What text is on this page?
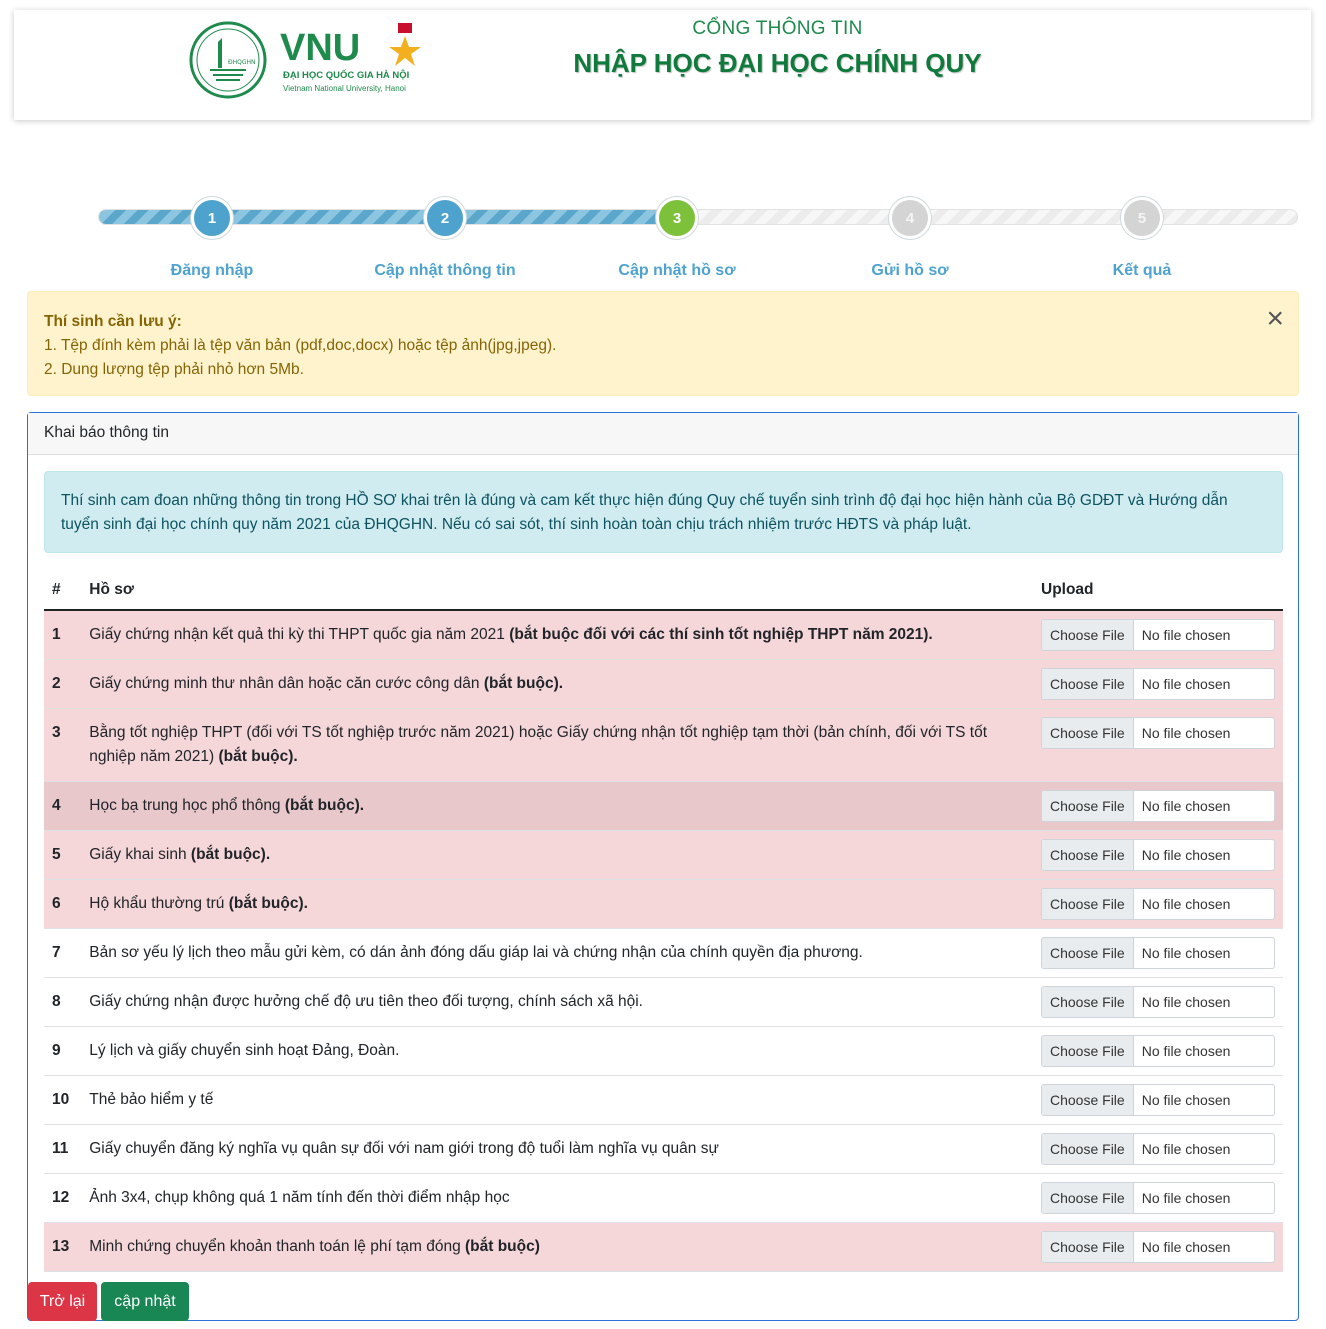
ĐHQGHN VNU
ĐẠI HỌC QUỐC GIA HÀ NỘI
Vietnam National University, Hanoi
CỔNG THÔNG TIN
NHẬP HỌC ĐẠI HỌC CHÍNH QUY
1	2	3	4	5
Đăng nhập	Cập nhật thông tin	Cập nhật hồ sơ	Gửi hồ sơ	Kết quả
Thí sinh cần lưu ý:
1. Tệp đính kèm phải là tệp văn bản (pdf,doc,docx) hoặc tệp ảnh(jpg,jpeg).
2. Dung lượng tệp phải nhỏ hơn 5Mb.
×
Khai báo thông tin
Thí sinh cam đoan những thông tin trong HỒ SƠ khai trên là đúng và cam kết thực hiện đúng Quy chế tuyển sinh trình độ đại học hiện hành của Bộ GDĐT và Hướng dẫn tuyển sinh đại học chính quy năm 2021 của ĐHQGHN. Nếu có sai sót, thí sinh hoàn toàn chịu trách nhiệm trước HĐTS và pháp luật.
#	Hồ sơ	Upload
1	Giấy chứng nhận kết quả thi kỳ thi THPT quốc gia năm 2021 (bắt buộc đối với các thí sinh tốt nghiệp THPT năm 2021).	Choose File No file chosen

2	Giấy chứng minh thư nhân dân hoặc căn cước công dân (bắt buộc).	Choose File No file chosen

3	Bằng tốt nghiệp THPT (đối với TS tốt nghiệp trước năm 2021) hoặc Giấy chứng nhận tốt nghiệp tạm thời (bản chính, đối với TS tốt nghiệp năm 2021) (bắt buộc).	Choose File No file chosen

4	Học bạ trung học phổ thông (bắt buộc).	Choose File No file chosen

5	Giấy khai sinh (bắt buộc).	Choose File No file chosen

6	Hộ khẩu thường trú (bắt buộc).	Choose File No file chosen

7	Bản sơ yếu lý lịch theo mẫu gửi kèm, có dán ảnh đóng dấu giáp lai và chứng nhận của chính quyền địa phương.	Choose File No file chosen

8	Giấy chứng nhận được hưởng chế độ ưu tiên theo đối tượng, chính sách xã hội.	Choose File No file chosen

9	Lý lịch và giấy chuyển sinh hoạt Đảng, Đoàn.	Choose File No file chosen

10	Thẻ bảo hiểm y tế	Choose File No file chosen

11	Giấy chuyển đăng ký nghĩa vụ quân sự đối với nam giới trong độ tuổi làm nghĩa vụ quân sự	Choose File No file chosen

12	Ảnh 3x4, chụp không quá 1 năm tính đến thời điểm nhập học	Choose File No file chosen

13	Minh chứng chuyển khoản thanh toán lệ phí tạm đóng (bắt buộc)	Choose File No file chosen
Trở lại	cập nhật
